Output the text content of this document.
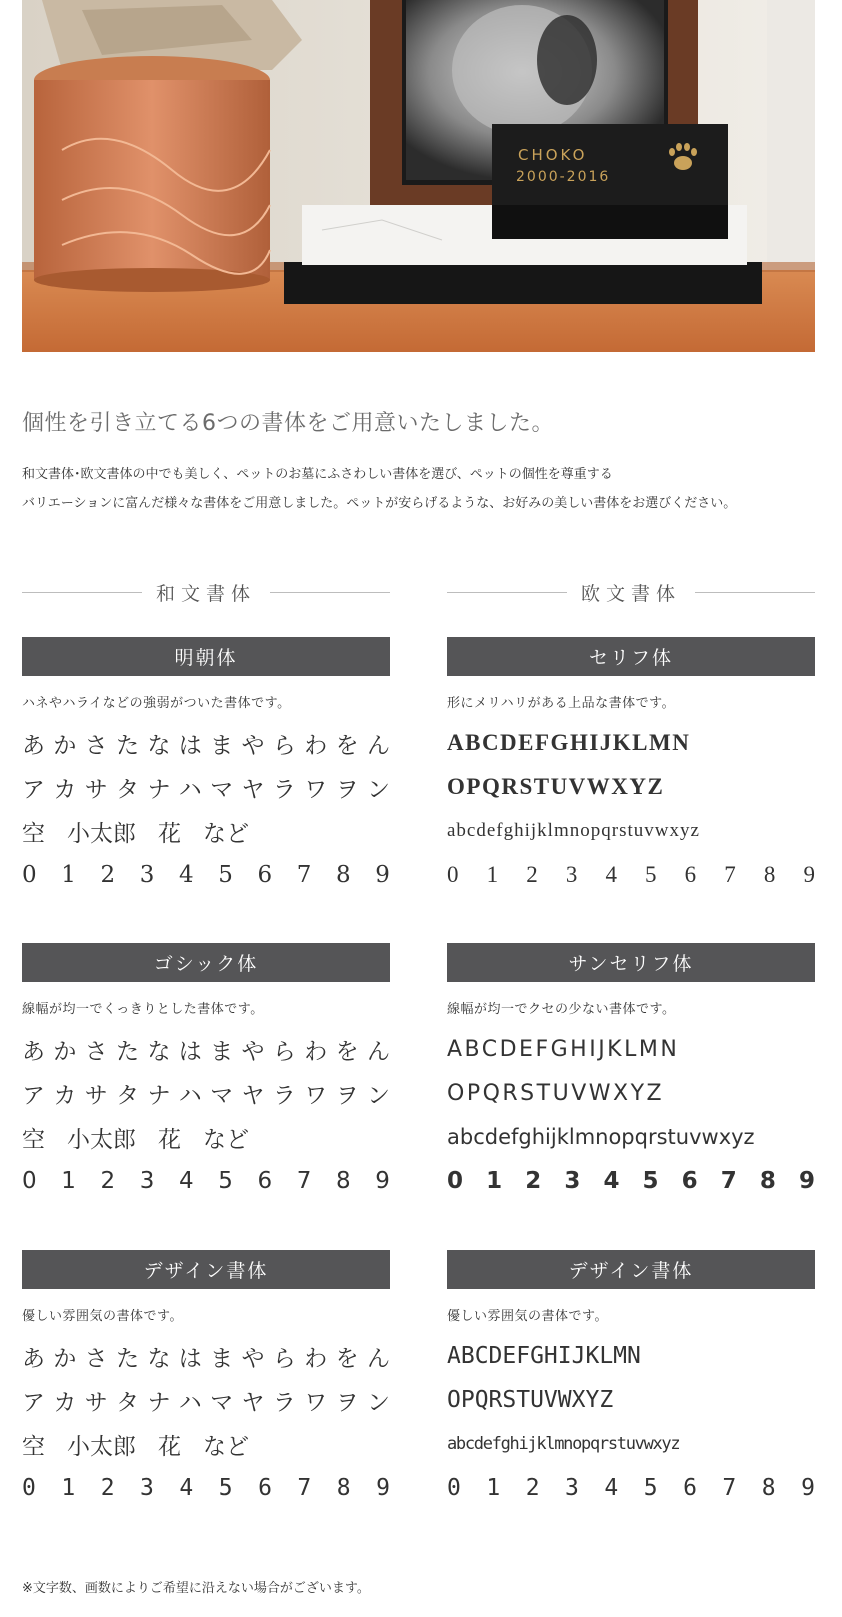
CHOKO
2000-2016
個性を引き立てる6つの書体をご用意いたしました。
和文書体･欧文書体の中でも美しく、ペットのお墓にふさわしい書体を選び、ペットの個性を尊重する
バリエーションに富んだ様々な書体をご用意しました。ペットが安らげるような、お好みの美しい書体をお選びください。
和文書体	欧文書体
明朝体
ハネやハライなどの強弱がついた書体です。
あ か さ た な は ま や ら わ を ん
ア カ サ タ ナ ハ マ ヤ ラ ワ ヲ ン
空 小太郎 花 など
0 1 2 3 4 5 6 7 8 9
セリフ体
形にメリハリがある上品な書体です。
ABCDEFGHIJKLMN
OPQRSTUVWXYZ
abcdefghijklmnopqrstuvwxyz
0 1 2 3 4 5 6 7 8 9
ゴシック体
線幅が均一でくっきりとした書体です。
あ か さ た な は ま や ら わ を ん
ア カ サ タ ナ ハ マ ヤ ラ ワ ヲ ン
空 小太郎 花 など
0 1 2 3 4 5 6 7 8 9
サンセリフ体
線幅が均一でクセの少ない書体です。
ABCDEFGHIJKLMN
OPQRSTUVWXYZ
abcdefghijklmnopqrstuvwxyz
0 1 2 3 4 5 6 7 8 9
デザイン書体
優しい雰囲気の書体です。
あ か さ た な は ま や ら わ を ん
ア カ サ タ ナ ハ マ ヤ ラ ワ ヲ ン
空 小太郎 花 など
0 1 2 3 4 5 6 7 8 9
デザイン書体
優しい雰囲気の書体です。
ABCDEFGHIJKLMN
OPQRSTUVWXYZ
abcdefghijklmnopqrstuvwxyz
0 1 2 3 4 5 6 7 8 9
※文字数、画数によりご希望に沿えない場合がございます。
